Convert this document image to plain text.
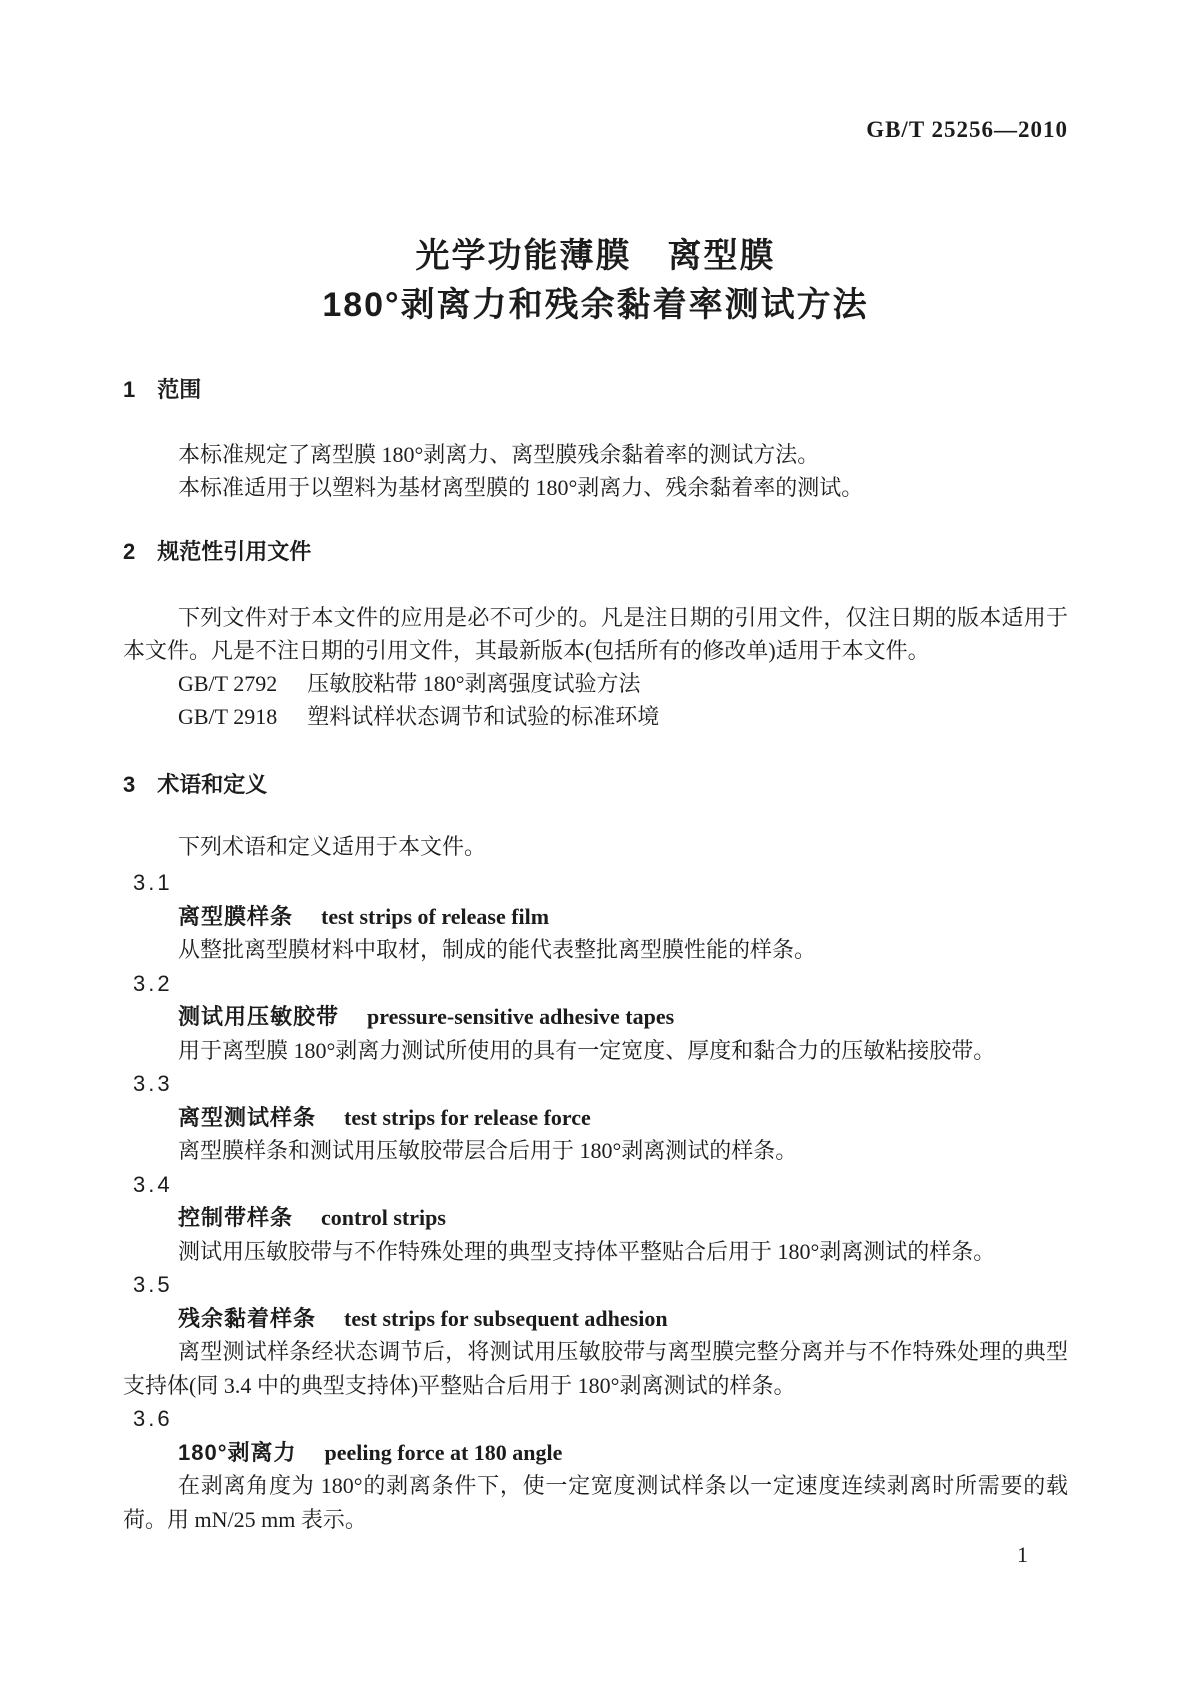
GB/T 25256—2010
光学功能薄膜　离型膜
180°剥离力和残余黏着率测试方法
1 范围

本标准规定了离型膜 180°剥离力、离型膜残余黏着率的测试方法。

本标准适用于以塑料为基材离型膜的 180°剥离力、残余黏着率的测试。

2 规范性引用文件

下列文件对于本文件的应用是必不可少的。凡是注日期的引用文件，仅注日期的版本适用于本文件。凡是不注日期的引用文件，其最新版本(包括所有的修改单)适用于本文件。

GB/T 2792 压敏胶粘带 180°剥离强度试验方法
GB/T 2918 塑料试样状态调节和试验的标准环境
3 术语和定义

下列术语和定义适用于本文件。

3.1
离型膜样条 test strips of release film

从整批离型膜材料中取材，制成的能代表整批离型膜性能的样条。

3.2
测试用压敏胶带 pressure-sensitive adhesive tapes

用于离型膜 180°剥离力测试所使用的具有一定宽度、厚度和黏合力的压敏粘接胶带。

3.3
离型测试样条 test strips for release force

离型膜样条和测试用压敏胶带层合后用于 180°剥离测试的样条。

3.4
控制带样条 control strips

测试用压敏胶带与不作特殊处理的典型支持体平整贴合后用于 180°剥离测试的样条。

3.5
残余黏着样条 test strips for subsequent adhesion

离型测试样条经状态调节后，将测试用压敏胶带与离型膜完整分离并与不作特殊处理的典型支持体(同 3.4 中的典型支持体)平整贴合后用于 180°剥离测试的样条。

3.6
180°剥离力 peeling force at 180 angle

在剥离角度为 180°的剥离条件下，使一定宽度测试样条以一定速度连续剥离时所需要的载荷。用 mN/25 mm 表示。

1
